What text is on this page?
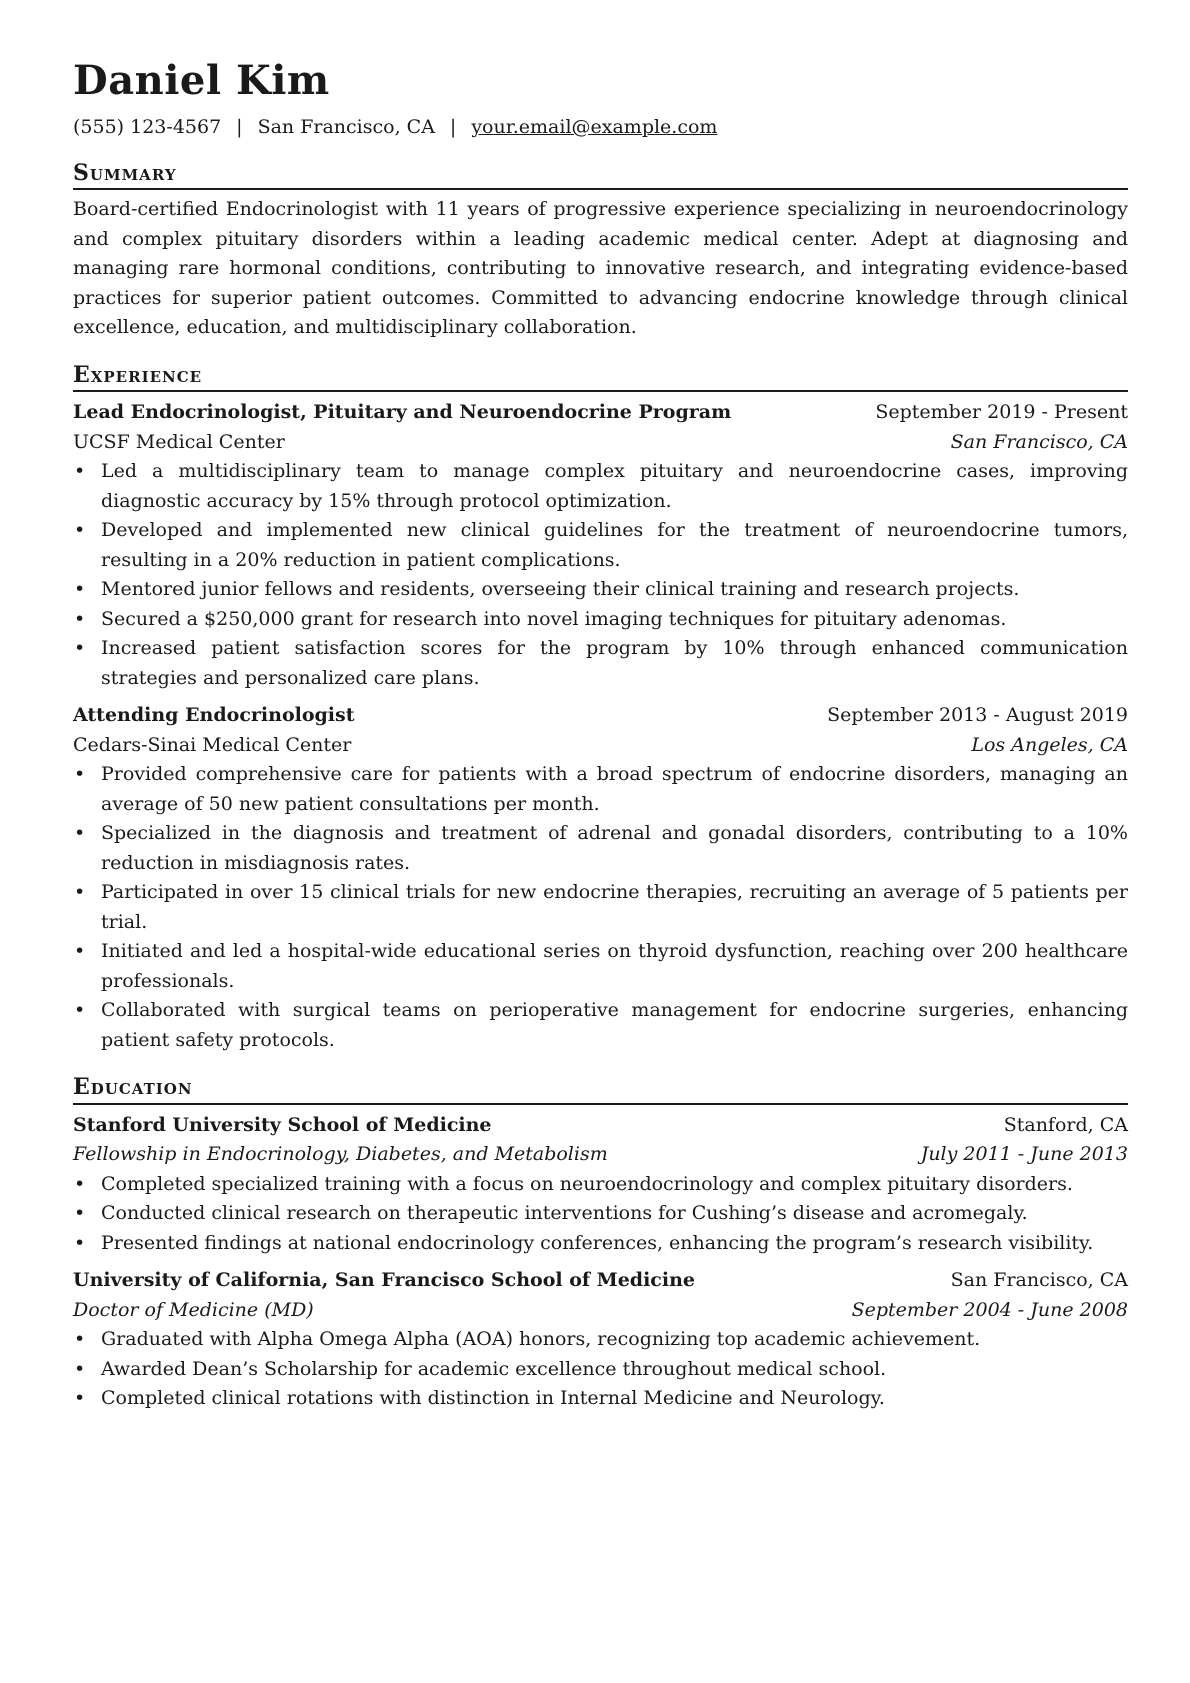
Daniel Kim
(555) 123-4567 | San Francisco, CA | your.email@example.com
Summary

Board-certified Endocrinologist with 11 years of progressive experience specializing in neuroendocrinology and complex pituitary disorders within a leading academic medical center. Adept at diagnosing and managing rare hormonal conditions, contributing to innovative research, and integrating evidence-based practices for superior patient outcomes. Committed to advancing endocrine knowledge through clinical excellence, education, and multidisciplinary collaboration.

Experience
Lead Endocrinologist, Pituitary and Neuroendocrine Program	September 2019 - Present
UCSF Medical Center	San Francisco, CA
• Led a multidisciplinary team to manage complex pituitary and neuroendocrine cases, improving diagnostic accuracy by 15% through protocol optimization.
• Developed and implemented new clinical guidelines for the treatment of neuroendocrine tumors, resulting in a 20% reduction in patient complications.
• Mentored junior fellows and residents, overseeing their clinical training and research projects.
• Secured a $250,000 grant for research into novel imaging techniques for pituitary adenomas.
• Increased patient satisfaction scores for the program by 10% through enhanced communication strategies and personalized care plans.
Attending Endocrinologist	September 2013 - August 2019
Cedars-Sinai Medical Center	Los Angeles, CA
• Provided comprehensive care for patients with a broad spectrum of endocrine disorders, managing an average of 50 new patient consultations per month.
• Specialized in the diagnosis and treatment of adrenal and gonadal disorders, contributing to a 10% reduction in misdiagnosis rates.
• Participated in over 15 clinical trials for new endocrine therapies, recruiting an average of 5 patients per trial.
• Initiated and led a hospital-wide educational series on thyroid dysfunction, reaching over 200 healthcare professionals.
• Collaborated with surgical teams on perioperative management for endocrine surgeries, enhancing patient safety protocols.
Education
Stanford University School of Medicine	Stanford, CA
Fellowship in Endocrinology, Diabetes, and Metabolism	July 2011 - June 2013
• Completed specialized training with a focus on neuroendocrinology and complex pituitary disorders.
• Conducted clinical research on therapeutic interventions for Cushing’s disease and acromegaly.
• Presented findings at national endocrinology conferences, enhancing the program’s research visibility.
University of California, San Francisco School of Medicine	San Francisco, CA
Doctor of Medicine (MD)	September 2004 - June 2008
• Graduated with Alpha Omega Alpha (AOA) honors, recognizing top academic achievement.
• Awarded Dean’s Scholarship for academic excellence throughout medical school.
• Completed clinical rotations with distinction in Internal Medicine and Neurology.
